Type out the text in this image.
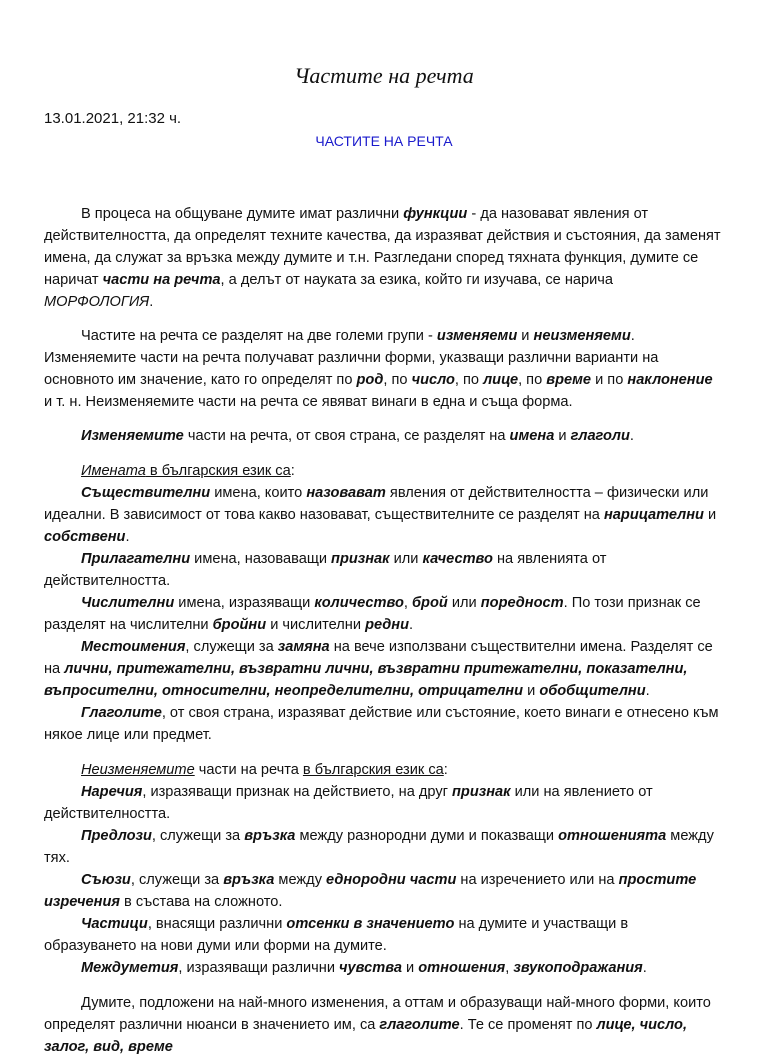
Частите на речта
13.01.2021, 21:32 ч.
ЧАСТИТЕ НА РЕЧТА

В процеса на общуване думите имат различни функции - да назовават явления от действителността, да определят техните качества, да изразяват действия и състояния, да заменят имена, да служат за връзка между думите и т.н. Разгледани според тяхната функция, думите се наричат части на речта, а делът от науката за езика, който ги изучава, се нарича МОРФОЛОГИЯ.

Частите на речта се разделят на две големи групи - изменяеми и неизменяеми. Изменяемите части на речта получават различни форми, указващи различни варианти на основното им значение, като го определят по род, по число, по лице, по време и по наклонение и т. н. Неизменяемите части на речта се явяват винаги в една и съща форма.

Изменяемите части на речта, от своя страна, се разделят на имена и глаголи.

Имената в българския език са:

Съществителни имена, които назовават явления от действителността – физически или идеални. В зависимост от това какво назовават, съществителните се разделят на нарицателни и собствени.

Прилагателни имена, назоваващи признак или качество на явленията от действителността.

Числителни имена, изразяващи количество, брой или поредност. По този признак се разделят на числителни бройни и числителни редни.

Местоимения, служещи за замяна на вече използвани съществителни имена. Разделят се на лични, притежателни, възвратни лични, възвратни притежателни, показателни, въпросителни, относителни, неопределителни, отрицателни и обобщителни.

Глаголите, от своя страна, изразяват действие или състояние, което винаги е отнесено към някое лице или предмет.

Неизменяемите части на речта в българския език са:

Наречия, изразяващи признак на действието, на друг признак или на явлението от действителността.

Предлози, служещи за връзка между разнородни думи и показващи отношенията между тях.

Съюзи, служещи за връзка между еднородни части на изречението или на простите изречения в състава на сложното.

Частици, внасящи различни отсенки в значението на думите и участващи в образуването на нови думи или форми на думите.

Междуметия, изразяващи различни чувства и отношения, звукоподражания.

Думите, подложени на най-много изменения, а оттам и образуващи най-много форми, които определят различни нюанси в значението им, са глаголите. Те се променят по лице, число, залог, вид, време
